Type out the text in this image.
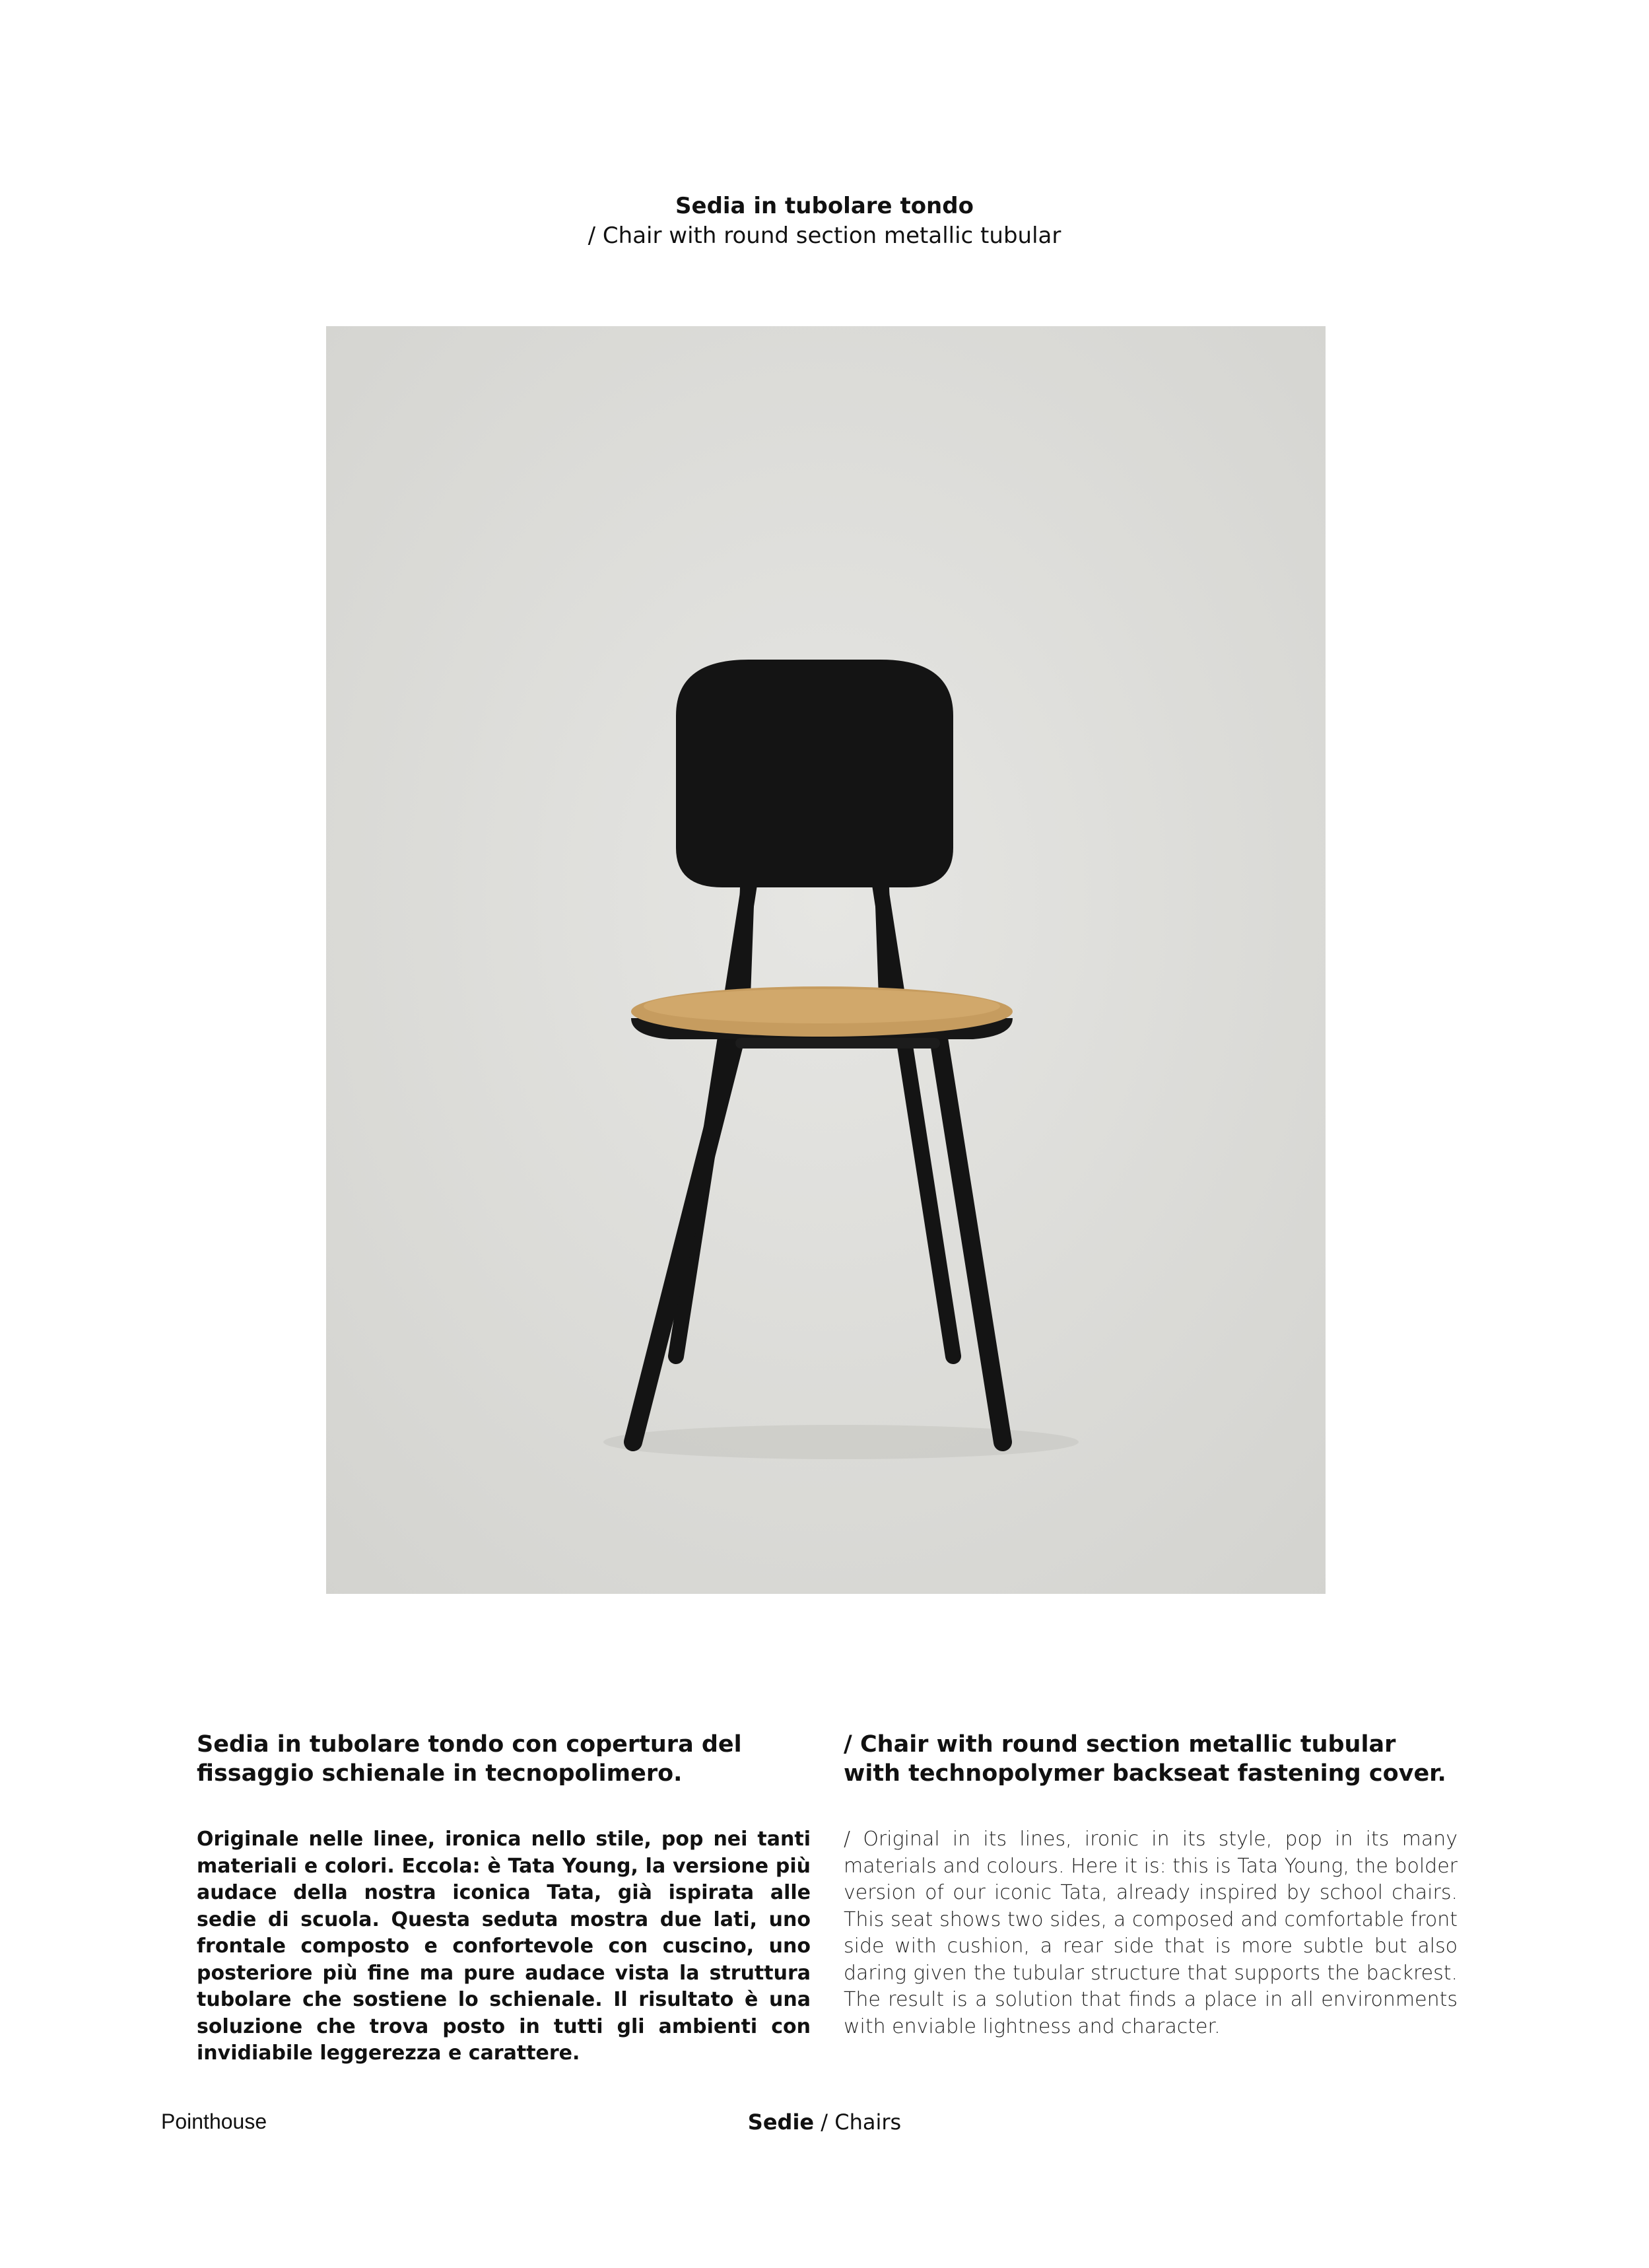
Sedia in tubolare tondo
/ Chair with round section metallic tubular
Sedia in tubolare tondo con copertura del fissaggio schienale in tecnopolimero.

Originale nelle linee, ironica nello stile, pop nei tanti materiali e colori. Eccola: è Tata Young, la versione più audace della nostra iconica Tata, già ispirata alle sedie di scuola. Questa seduta mostra due lati, uno frontale composto e confortevole con cuscino, uno posteriore più fine ma pure audace vista la struttura tubolare che sostiene lo schienale. Il risultato è una soluzione che trova posto in tutti gli ambienti con invidiabile leggerezza e carattere.

/ Chair with round section metallic tubular with technopolymer backseat fastening cover.

/ Original in its lines, ironic in its style, pop in its many materials and colours. Here it is: this is Tata Young, the bolder version of our iconic Tata, already inspired by school chairs. This seat shows two sides, a composed and comfortable front side with cushion, a rear side that is more subtle but also daring given the tubular structure that supports the backrest. The result is a solution that finds a place in all environments with enviable lightness and character.

Pointhouse	Sedie / Chairs
